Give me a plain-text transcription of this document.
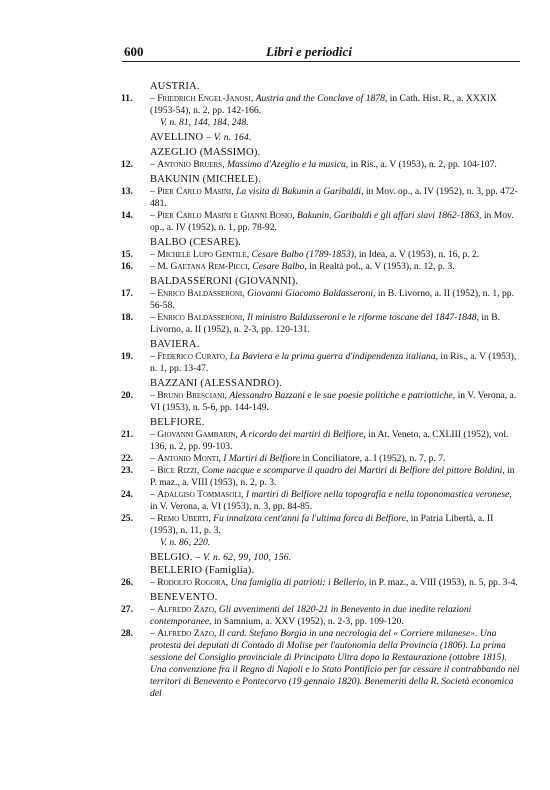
600	Libri e periodici
AUSTRIA.
11. – Friedrich Engel-Janosi, Austria and the Conclave of 1878, in Cath. Hist. R., a. XXXIX (1953-54), n. 2, pp. 142-166.
V. n. 81, 144, 184, 248.
AVELLINO – V. n. 164.
AZEGLIO (MASSIMO).
12. – Antonio Bruers, Massimo d'Azeglio e la musica, in Ris., a. V (1953), n. 2, pp. 104-107.
BAKUNIN (MICHELE).
13. – Pier Carlo Masini, La visita di Bakunin a Garibaldi, in Mov. op., a. IV (1952), n. 3, pp. 472-481.
14. – Pier Carlo Masini e Gianni Bosio, Bakunin, Garibaldi e gli affari slavi 1862-1863, in Mov. op., a. IV (1952), n. 1, pp. 78-92.
BALBO (CESARE).
15. – Michele Lupo Gentile, Cesare Balbo (1789-1853), in Idea, a. V (1953), n. 16, p. 2.
16. – M. Gaetana Rem-Picci, Cesare Balbo, in Realtà pol., a. V (1953), n. 12, p. 3.
BALDASSERONI (GIOVANNI).
17. – Enrico Baldasseroni, Giovanni Giacomo Baldasseroni, in B. Livorno, a. II (1952), n. 1, pp. 56-58.
18. – Enrico Baldasseroni, Il ministro Baldasseroni e le riforme toscane del 1847-1848, in B. Livorno, a. II (1952), n. 2-3, pp. 120-131.
BAVIERA.
19. – Federico Curato, La Baviera e la prima guerra d'indipendenza italiana, in Ris., a. V (1953), n. 1, pp. 13-47.
BAZZANI (ALESSANDRO).
20. – Bruno Bresciani, Alessandro Bazzani e le sue poesie politiche e patriottiche, in V. Verona, a. VI (1953), n. 5-6, pp. 144-149.
BELFIORE.
21. – Giovanni Gambarin, A ricordo dei martiri di Belfiore, in At. Veneto, a. CXLIII (1952), vol. 136, n. 2, pp. 99-103.
22. – Antonio Monti, I Martiri di Belfiore in Conciliatore, a. I (1952), n. 7, p. 7.
23. – Bice Rizzi, Come nacque e scomparve il quadro dei Martiri di Belfiore del pittore Boldini, in P. maz., a. VIII (1953), n. 2, p. 3.
24. – Adalgiso Tommasoli, I martiri di Belfiore nella topografia e nella toponomastica veronese, in V. Verona, a. VI (1953), n. 3, pp. 84-85.
25. – Remo Uberti, Fu innalzata cent'anni fa l'ultima forca di Belfiore, in Patria Libertà, a. II (1953), n. 11, p. 3.
V. n. 86, 220.
BELGIO. – V. n. 62, 99, 100, 156.
BELLERIO (Famiglia).
26. – Rodolfo Rogora, Una famiglia di patrioti: i Bellerio, in P. maz., a. VIII (1953), n. 5, pp. 3-4.
BENEVENTO.
27. – Alfredo Zazo, Gli avvenimenti del 1820-21 in Benevento in due inedite relazioni contemporanee, in Samnium, a. XXV (1952), n. 2-3, pp. 109-120.
28. – Alfredo Zazo, Il card. Stefano Borgia in una necrologia del « Corriere milanese». Una protesta dei deputati di Contado di Molise per l'autonomia della Provincia (1806). La prima sessione del Consiglio provinciale di Principato Ultra dopo la Restaurazione (ottobre 1815). Una convenzione fra il Regno di Napoli e lo Stato Pontificio per far cessare il contrabbando nei territori di Benevento e Pontecorvo (19 gennaio 1820). Benemeriti della R. Società economica del
